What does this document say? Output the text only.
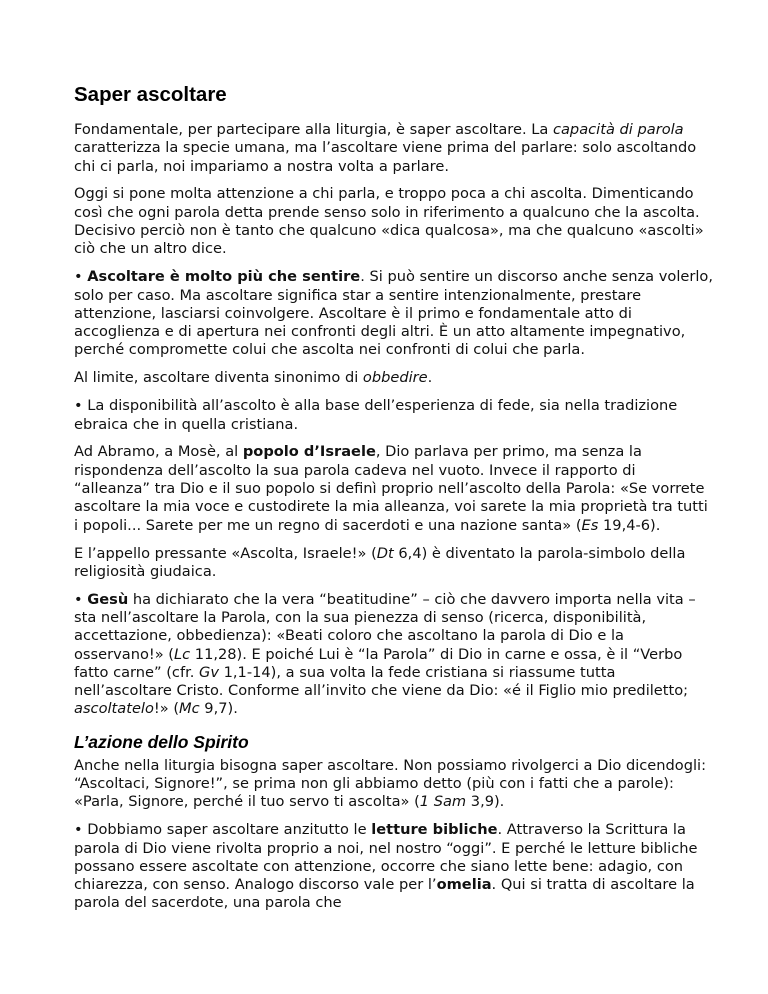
Saper ascoltare

Fondamentale, per partecipare alla liturgia, è saper ascoltare. La capacità di parola caratterizza la specie umana, ma l’ascoltare viene prima del parlare: solo ascoltando chi ci parla, noi impariamo a nostra volta a parlare.

Oggi si pone molta attenzione a chi parla, e troppo poca a chi ascolta. Dimenticando così che ogni parola detta prende senso solo in riferimento a qualcuno che la ascolta. Decisivo perciò non è tanto che qualcuno «dica qualcosa», ma che qualcuno «ascolti» ciò che un altro dice.

• Ascoltare è molto più che sentire. Si può sentire un discorso anche senza volerlo, solo per caso. Ma ascoltare significa star a sentire intenzionalmente, prestare attenzione, lasciarsi coinvolgere. Ascoltare è il primo e fondamentale atto di accoglienza e di apertura nei confronti degli altri. È un atto altamente impegnativo, perché compromette colui che ascolta nei confronti di colui che parla.

Al limite, ascoltare diventa sinonimo di obbedire.

• La disponibilità all’ascolto è alla base dell’esperienza di fede, sia nella tradizione ebraica che in quella cristiana.

Ad Abramo, a Mosè, al popolo d’Israele, Dio parlava per primo, ma senza la rispondenza dell’ascolto la sua parola cadeva nel vuoto. Invece il rapporto di “alleanza” tra Dio e il suo popolo si definì proprio nell’ascolto della Parola: «Se vorrete ascoltare la mia voce e custodirete la mia alleanza, voi sarete la mia proprietà tra tutti i popoli... Sarete per me un regno di sacerdoti e una nazione santa» (Es 19,4-6).

E l’appello pressante «Ascolta, Israele!» (Dt 6,4) è diventato la parola-simbolo della religiosità giudaica.

• Gesù ha dichiarato che la vera “beatitudine” – ciò che davvero importa nella vita – sta nell’ascoltare la Parola, con la sua pienezza di senso (ricerca, disponibilità, accettazione, obbedienza): «Beati coloro che ascoltano la parola di Dio e la osservano!» (Lc 11,28). E poiché Lui è “la Parola” di Dio in carne e ossa, è il “Verbo fatto carne” (cfr. Gv 1,1-14), a sua volta la fede cristiana si riassume tutta nell’ascoltare Cristo. Conforme all’invito che viene da Dio: «é il Figlio mio prediletto; ascoltatelo!» (Mc 9,7).

L’azione dello Spirito

Anche nella liturgia bisogna saper ascoltare. Non possiamo rivolgerci a Dio dicendogli: “Ascoltaci, Signore!”, se prima non gli abbiamo detto (più con i fatti che a parole): «Parla, Signore, perché il tuo servo ti ascolta» (1 Sam 3,9).

• Dobbiamo saper ascoltare anzitutto le letture bibliche. Attraverso la Scrittura la parola di Dio viene rivolta proprio a noi, nel nostro “oggi”. E perché le letture bibliche possano essere ascoltate con attenzione, occorre che siano lette bene: adagio, con chiarezza, con senso. Analogo discorso vale per l’omelia. Qui si tratta di ascoltare la parola del sacerdote, una parola che
